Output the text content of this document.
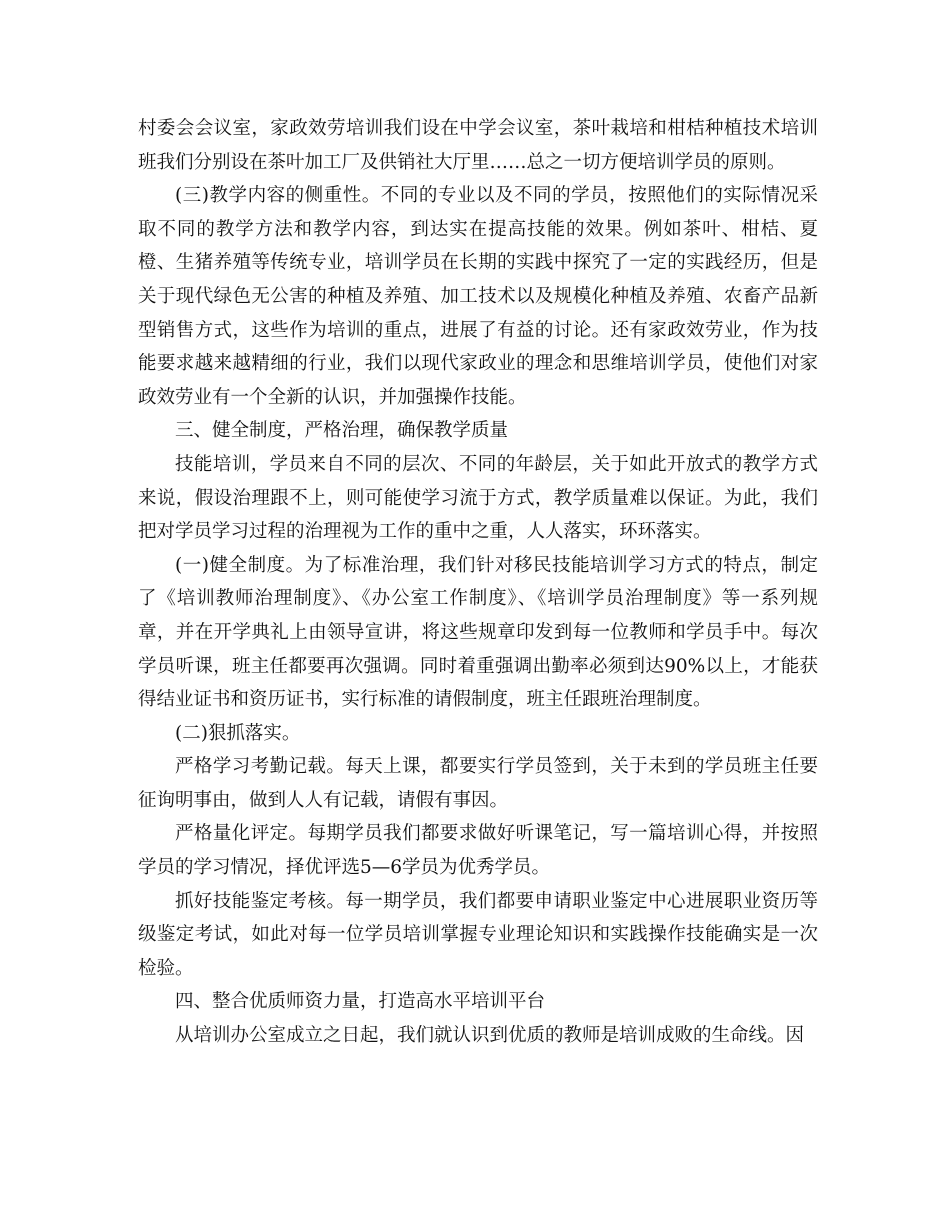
村委会会议室，家政效劳培训我们设在中学会议室，茶叶栽培和柑桔种植技术培训班我们分别设在茶叶加工厂及供销社大厅里……总之一切方便培训学员的原则。

(三)教学内容的侧重性。不同的专业以及不同的学员，按照他们的实际情况采取不同的教学方法和教学内容，到达实在提高技能的效果。例如茶叶、柑桔、夏橙、生猪养殖等传统专业，培训学员在长期的实践中探究了一定的实践经历，但是关于现代绿色无公害的种植及养殖、加工技术以及规模化种植及养殖、农畜产品新型销售方式，这些作为培训的重点，进展了有益的讨论。还有家政效劳业，作为技能要求越来越精细的行业，我们以现代家政业的理念和思维培训学员，使他们对家政效劳业有一个全新的认识，并加强操作技能。

三、健全制度，严格治理，确保教学质量

技能培训，学员来自不同的层次、不同的年龄层，关于如此开放式的教学方式来说，假设治理跟不上，则可能使学习流于方式，教学质量难以保证。为此，我们把对学员学习过程的治理视为工作的重中之重，人人落实，环环落实。

(一)健全制度。为了标准治理，我们针对移民技能培训学习方式的特点，制定了《培训教师治理制度》、《办公室工作制度》、《培训学员治理制度》等一系列规章，并在开学典礼上由领导宣讲，将这些规章印发到每一位教师和学员手中。每次学员听课，班主任都要再次强调。同时着重强调出勤率必须到达90%以上，才能获得结业证书和资历证书，实行标准的请假制度，班主任跟班治理制度。

(二)狠抓落实。

严格学习考勤记载。每天上课，都要实行学员签到，关于未到的学员班主任要征询明事由，做到人人有记载，请假有事因。

严格量化评定。每期学员我们都要求做好听课笔记，写一篇培训心得，并按照学员的学习情况，择优评选5—6学员为优秀学员。

抓好技能鉴定考核。每一期学员，我们都要申请职业鉴定中心进展职业资历等级鉴定考试，如此对每一位学员培训掌握专业理论知识和实践操作技能确实是一次检验。

四、整合优质师资力量，打造高水平培训平台

从培训办公室成立之日起，我们就认识到优质的教师是培训成败的生命线。因
